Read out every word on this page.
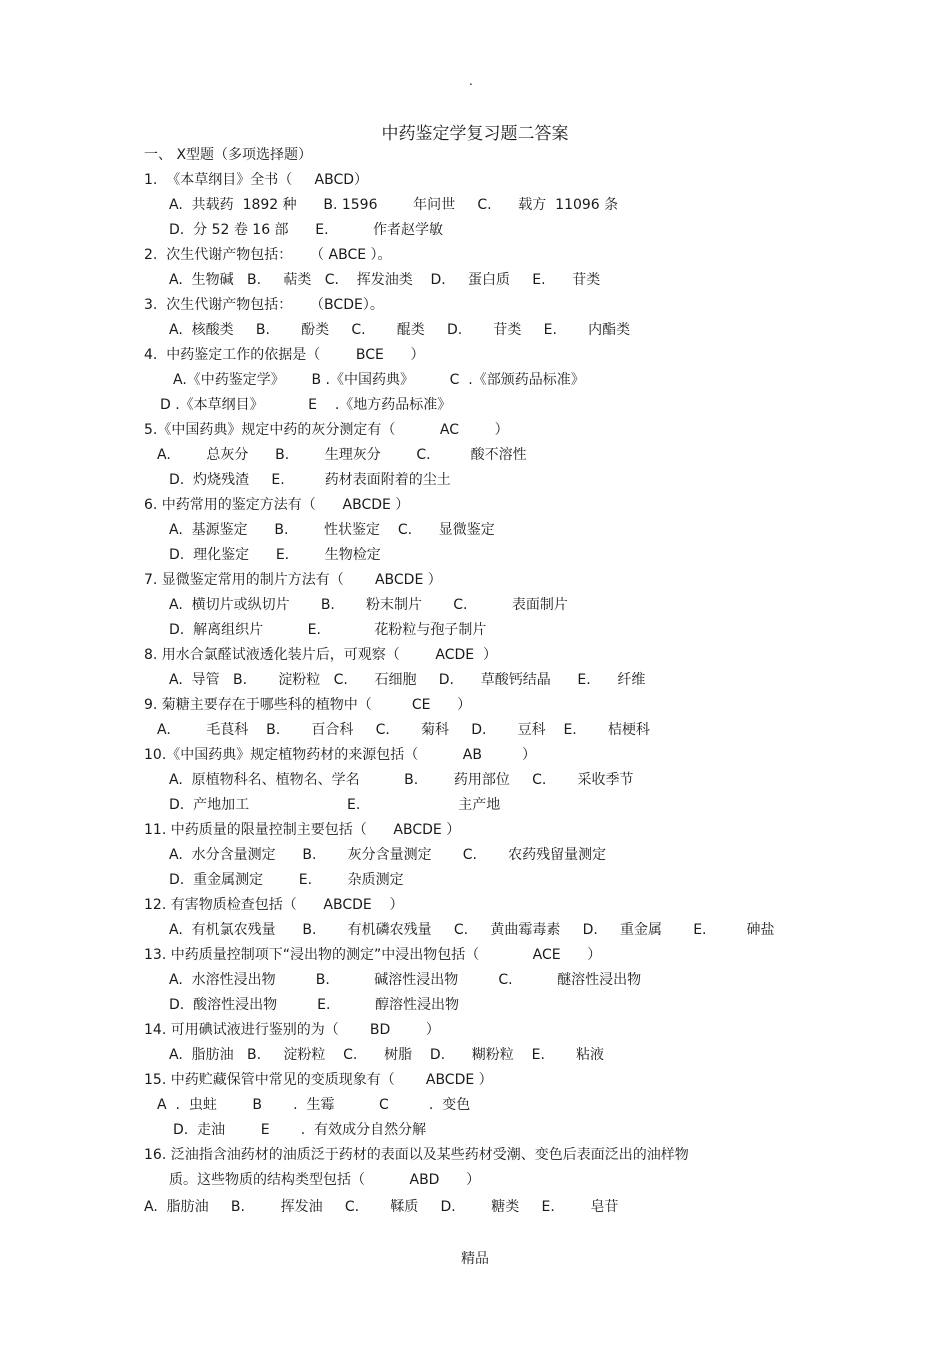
.
中药鉴定学复习题二答案
一、 X型题（多项选择题）
1.  《本草纲目》全书（     ABCD）
A.  共载药  1892 种      B. 1596        年问世     C.      载方  11096 条
D.  分 52 卷 16 部      E.          作者赵学敏
2.  次生代谢产物包括：    （ ABCE ）。
A.  生物碱   B.     萜类   C.    挥发油类    D.     蛋白质     E.      苷类
3.  次生代谢产物包括：    （BCDE）。
A.  核酸类     B.       酚类     C.       醌类     D.       苷类     E.       内酯类
4.  中药鉴定工作的依据是（        BCE      ）
A.《中药鉴定学》      B .《中国药典》        C  .《部颁药品标准》
D .《本草纲目》          E    .《地方药品标准》
5.《中国药典》规定中药的灰分测定有（          AC        ）
A.        总灰分      B.        生理灰分        C.         酸不溶性
D.  灼烧残渣     E.         药材表面附着的尘土
6. 中药常用的鉴定方法有（      ABCDE ）
A.  基源鉴定      B.        性状鉴定    C.      显微鉴定
D.  理化鉴定      E.        生物检定
7. 显微鉴定常用的制片方法有（       ABCDE ）
A.  横切片或纵切片       B.       粉末制片       C.          表面制片
D.  解离组织片          E.            花粉粒与孢子制片
8. 用水合氯醛试液透化装片后，可观察（        ACDE  ）
A.  导管   B.       淀粉粒   C.      石细胞     D.      草酸钙结晶      E.      纤维
9. 菊糖主要存在于哪些科的植物中（         CE      ）
A.        毛茛科    B.       百合科     C.       菊科     D.       豆科    E.       桔梗科
10.《中国药典》规定植物药材的来源包括（          AB         ）
A.  原植物科名、植物名、学名          B.        药用部位     C.       采收季节
D.  产地加工                      E.                      主产地
11. 中药质量的限量控制主要包括（      ABCDE ）
A.  水分含量测定      B.       灰分含量测定       C.       农药残留量测定
D.  重金属测定        E.        杂质测定
12. 有害物质检查包括（      ABCDE    ）
A.  有机氯农残量      B.       有机磷农残量     C.     黄曲霉毒素     D.     重金属       E.         砷盐
13. 中药质量控制项下“浸出物的测定”中浸出物包括（            ACE      ）
A.  水溶性浸出物         B.          碱溶性浸出物         C.          醚溶性浸出物
D.  酸溶性浸出物         E.          醇溶性浸出物
14. 可用碘试液进行鉴别的为（       BD        ）
A.  脂肪油   B.     淀粉粒    C.      树脂    D.      糊粉粒    E.       粘液
15. 中药贮藏保管中常见的变质现象有（       ABCDE ）
A  .  虫蛀        B       .  生霉          C         .  变色
D.  走油        E       .  有效成分自然分解
16. 泛油指含油药材的油质泛于药材的表面以及某些药材受潮、变色后表面泛出的油样物
质。这些物质的结构类型包括（          ABD      ）
A.  脂肪油     B.        挥发油     C.       鞣质     D.        糖类     E.        皂苷
精品
